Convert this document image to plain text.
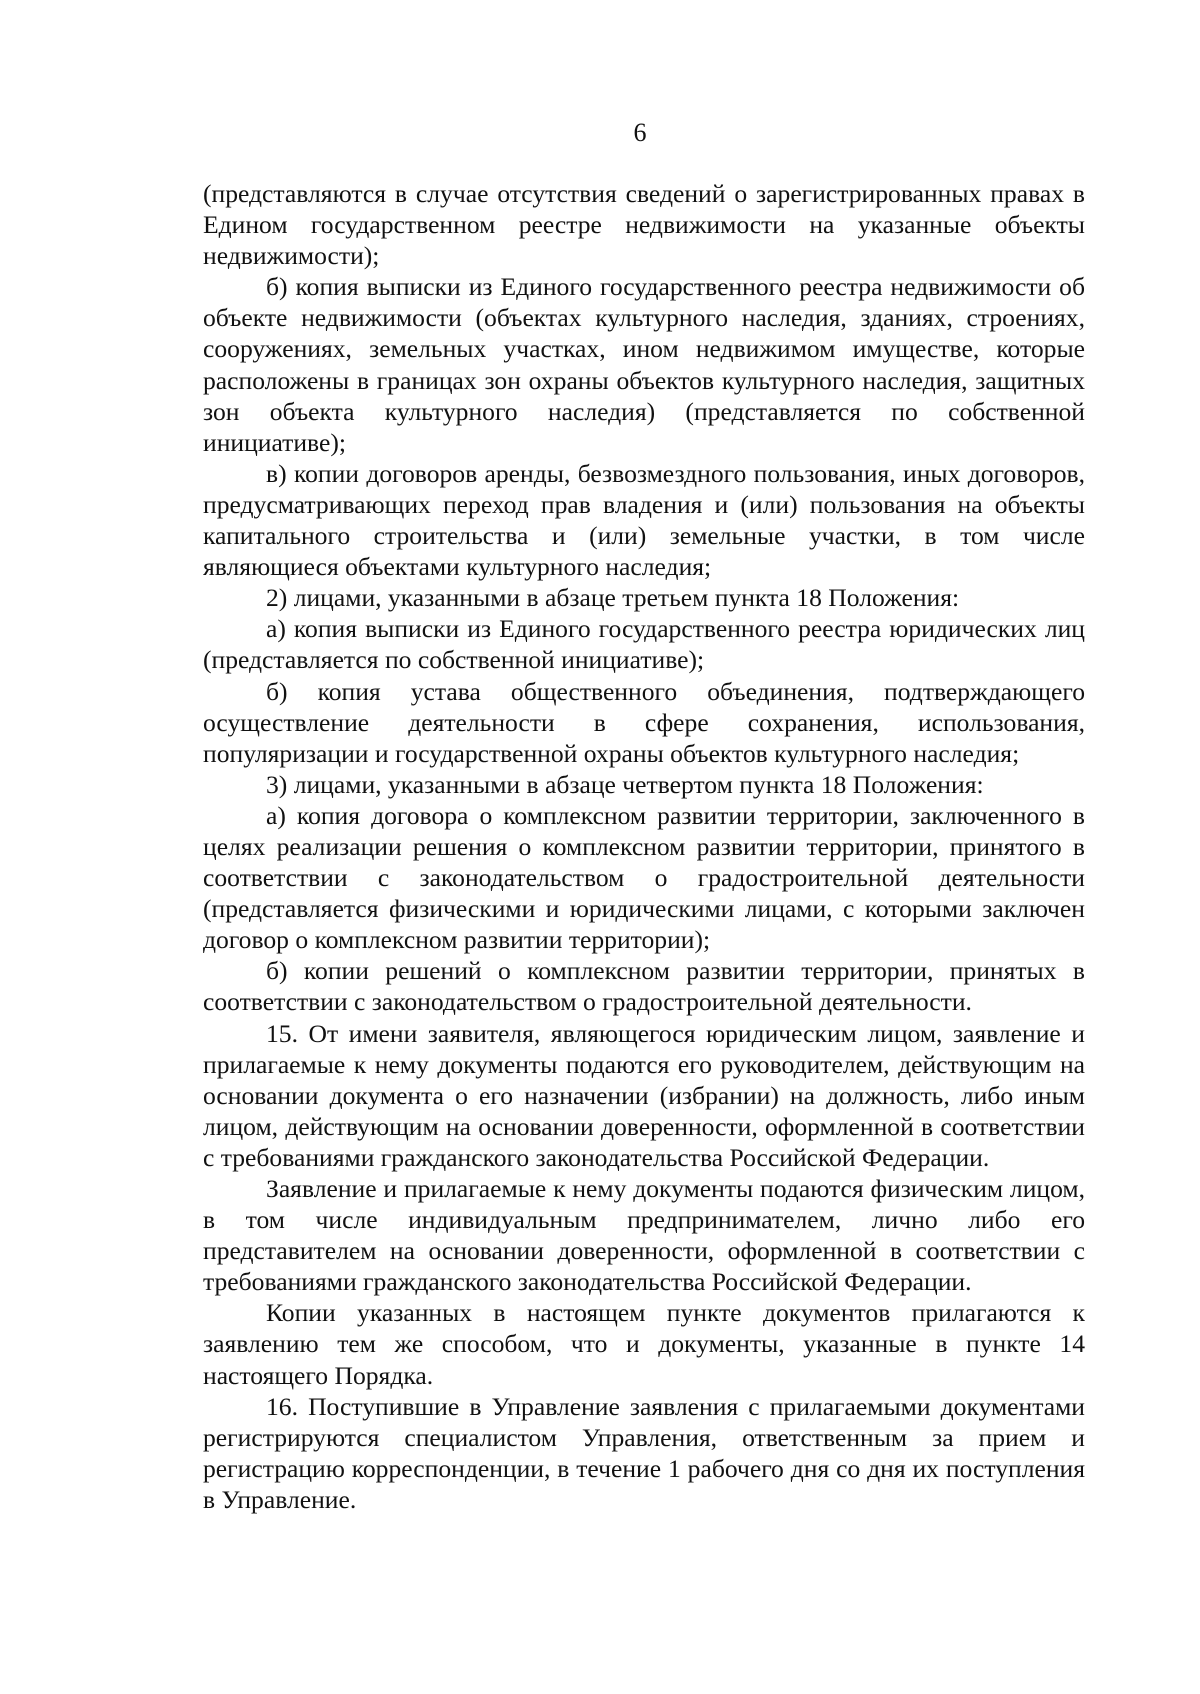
6

(представляются в случае отсутствия сведений о зарегистрированных правах в Едином государственном реестре недвижимости на указанные объекты недвижимости);

б) копия выписки из Единого государственного реестра недвижимости об объекте недвижимости (объектах культурного наследия, зданиях, строениях, сооружениях, земельных участках, ином недвижимом имуществе, которые расположены в границах зон охраны объектов культурного наследия, защитных зон объекта культурного наследия) (представляется по собственной инициативе);

в) копии договоров аренды, безвозмездного пользования, иных договоров, предусматривающих переход прав владения и (или) пользования на объекты капитального строительства и (или) земельные участки, в том числе являющиеся объектами культурного наследия;

2) лицами, указанными в абзаце третьем пункта 18 Положения:

а) копия выписки из Единого государственного реестра юридических лиц (представляется по собственной инициативе);

б) копия устава общественного объединения, подтверждающего осуществление деятельности в сфере сохранения, использования, популяризации и государственной охраны объектов культурного наследия;

3) лицами, указанными в абзаце четвертом пункта 18 Положения:

а) копия договора о комплексном развитии территории, заключенного в целях реализации решения о комплексном развитии территории, принятого в соответствии с законодательством о градостроительной деятельности (представляется физическими и юридическими лицами, с которыми заключен договор о комплексном развитии территории);

б) копии решений о комплексном развитии территории, принятых в соответствии с законодательством о градостроительной деятельности.

15. От имени заявителя, являющегося юридическим лицом, заявление и прилагаемые к нему документы подаются его руководителем, действующим на основании документа о его назначении (избрании) на должность, либо иным лицом, действующим на основании доверенности, оформленной в соответствии с требованиями гражданского законодательства Российской Федерации.

Заявление и прилагаемые к нему документы подаются физическим лицом, в том числе индивидуальным предпринимателем, лично либо его представителем на основании доверенности, оформленной в соответствии с требованиями гражданского законодательства Российской Федерации.

Копии указанных в настоящем пункте документов прилагаются к заявлению тем же способом, что и документы, указанные в пункте 14 настоящего Порядка.

16. Поступившие в Управление заявления с прилагаемыми документами регистрируются специалистом Управления, ответственным за прием и регистрацию корреспонденции, в течение 1 рабочего дня со дня их поступления в Управление.
